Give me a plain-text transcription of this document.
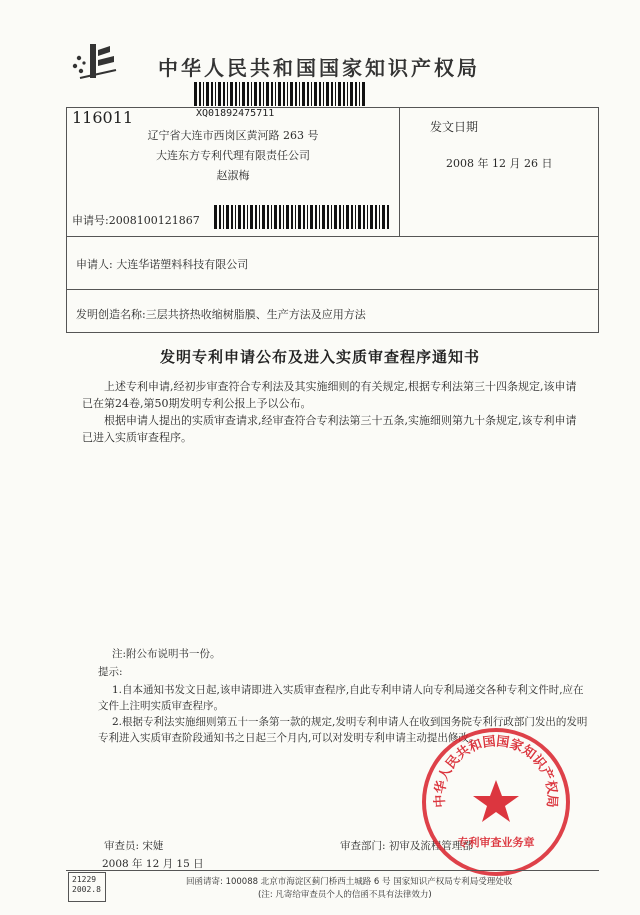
中华人民共和国国家知识产权局
XQ01892475711
116011
辽宁省大连市西岗区黄河路 263 号
大连东方专利代理有限责任公司
赵淑梅
申请号:2008100121867
发文日期
2008 年 12 月 26 日
申请人: 大连华诺塑料科技有限公司
发明创造名称:三层共挤热收缩树脂膜、生产方法及应用方法
发明专利申请公布及进入实质审查程序通知书
上述专利申请,经初步审查符合专利法及其实施细则的有关规定,根据专利法第三十四条规定,该申请已在第24卷,第50期发明专利公报上予以公布。
根据申请人提出的实质审查请求,经审查符合专利法第三十五条,实施细则第九十条规定,该专利申请已进入实质审查程序。
注:附公布说明书一份。
提示:
1.自本通知书发文日起,该申请即进入实质审查程序,自此专利申请人向专利局递交各种专利文件时,应在文件上注明实质审查程序。
2.根据专利法实施细则第五十一条第一款的规定,发明专利申请人在收到国务院专利行政部门发出的发明专利进入实质审查阶段通知书之日起三个月内,可以对发明专利申请主动提出修改。
审查员: 宋婕	审查部门: 初审及流程管理部
2008 年 12 月 15 日
中华人民共和国国家知识产权局
专利审查业务章
21229
2002.8
回函请寄: 100088 北京市海淀区蓟门桥西土城路 6 号 国家知识产权局专利局受理处收
(注: 凡寄给审查员个人的信函不具有法律效力)
